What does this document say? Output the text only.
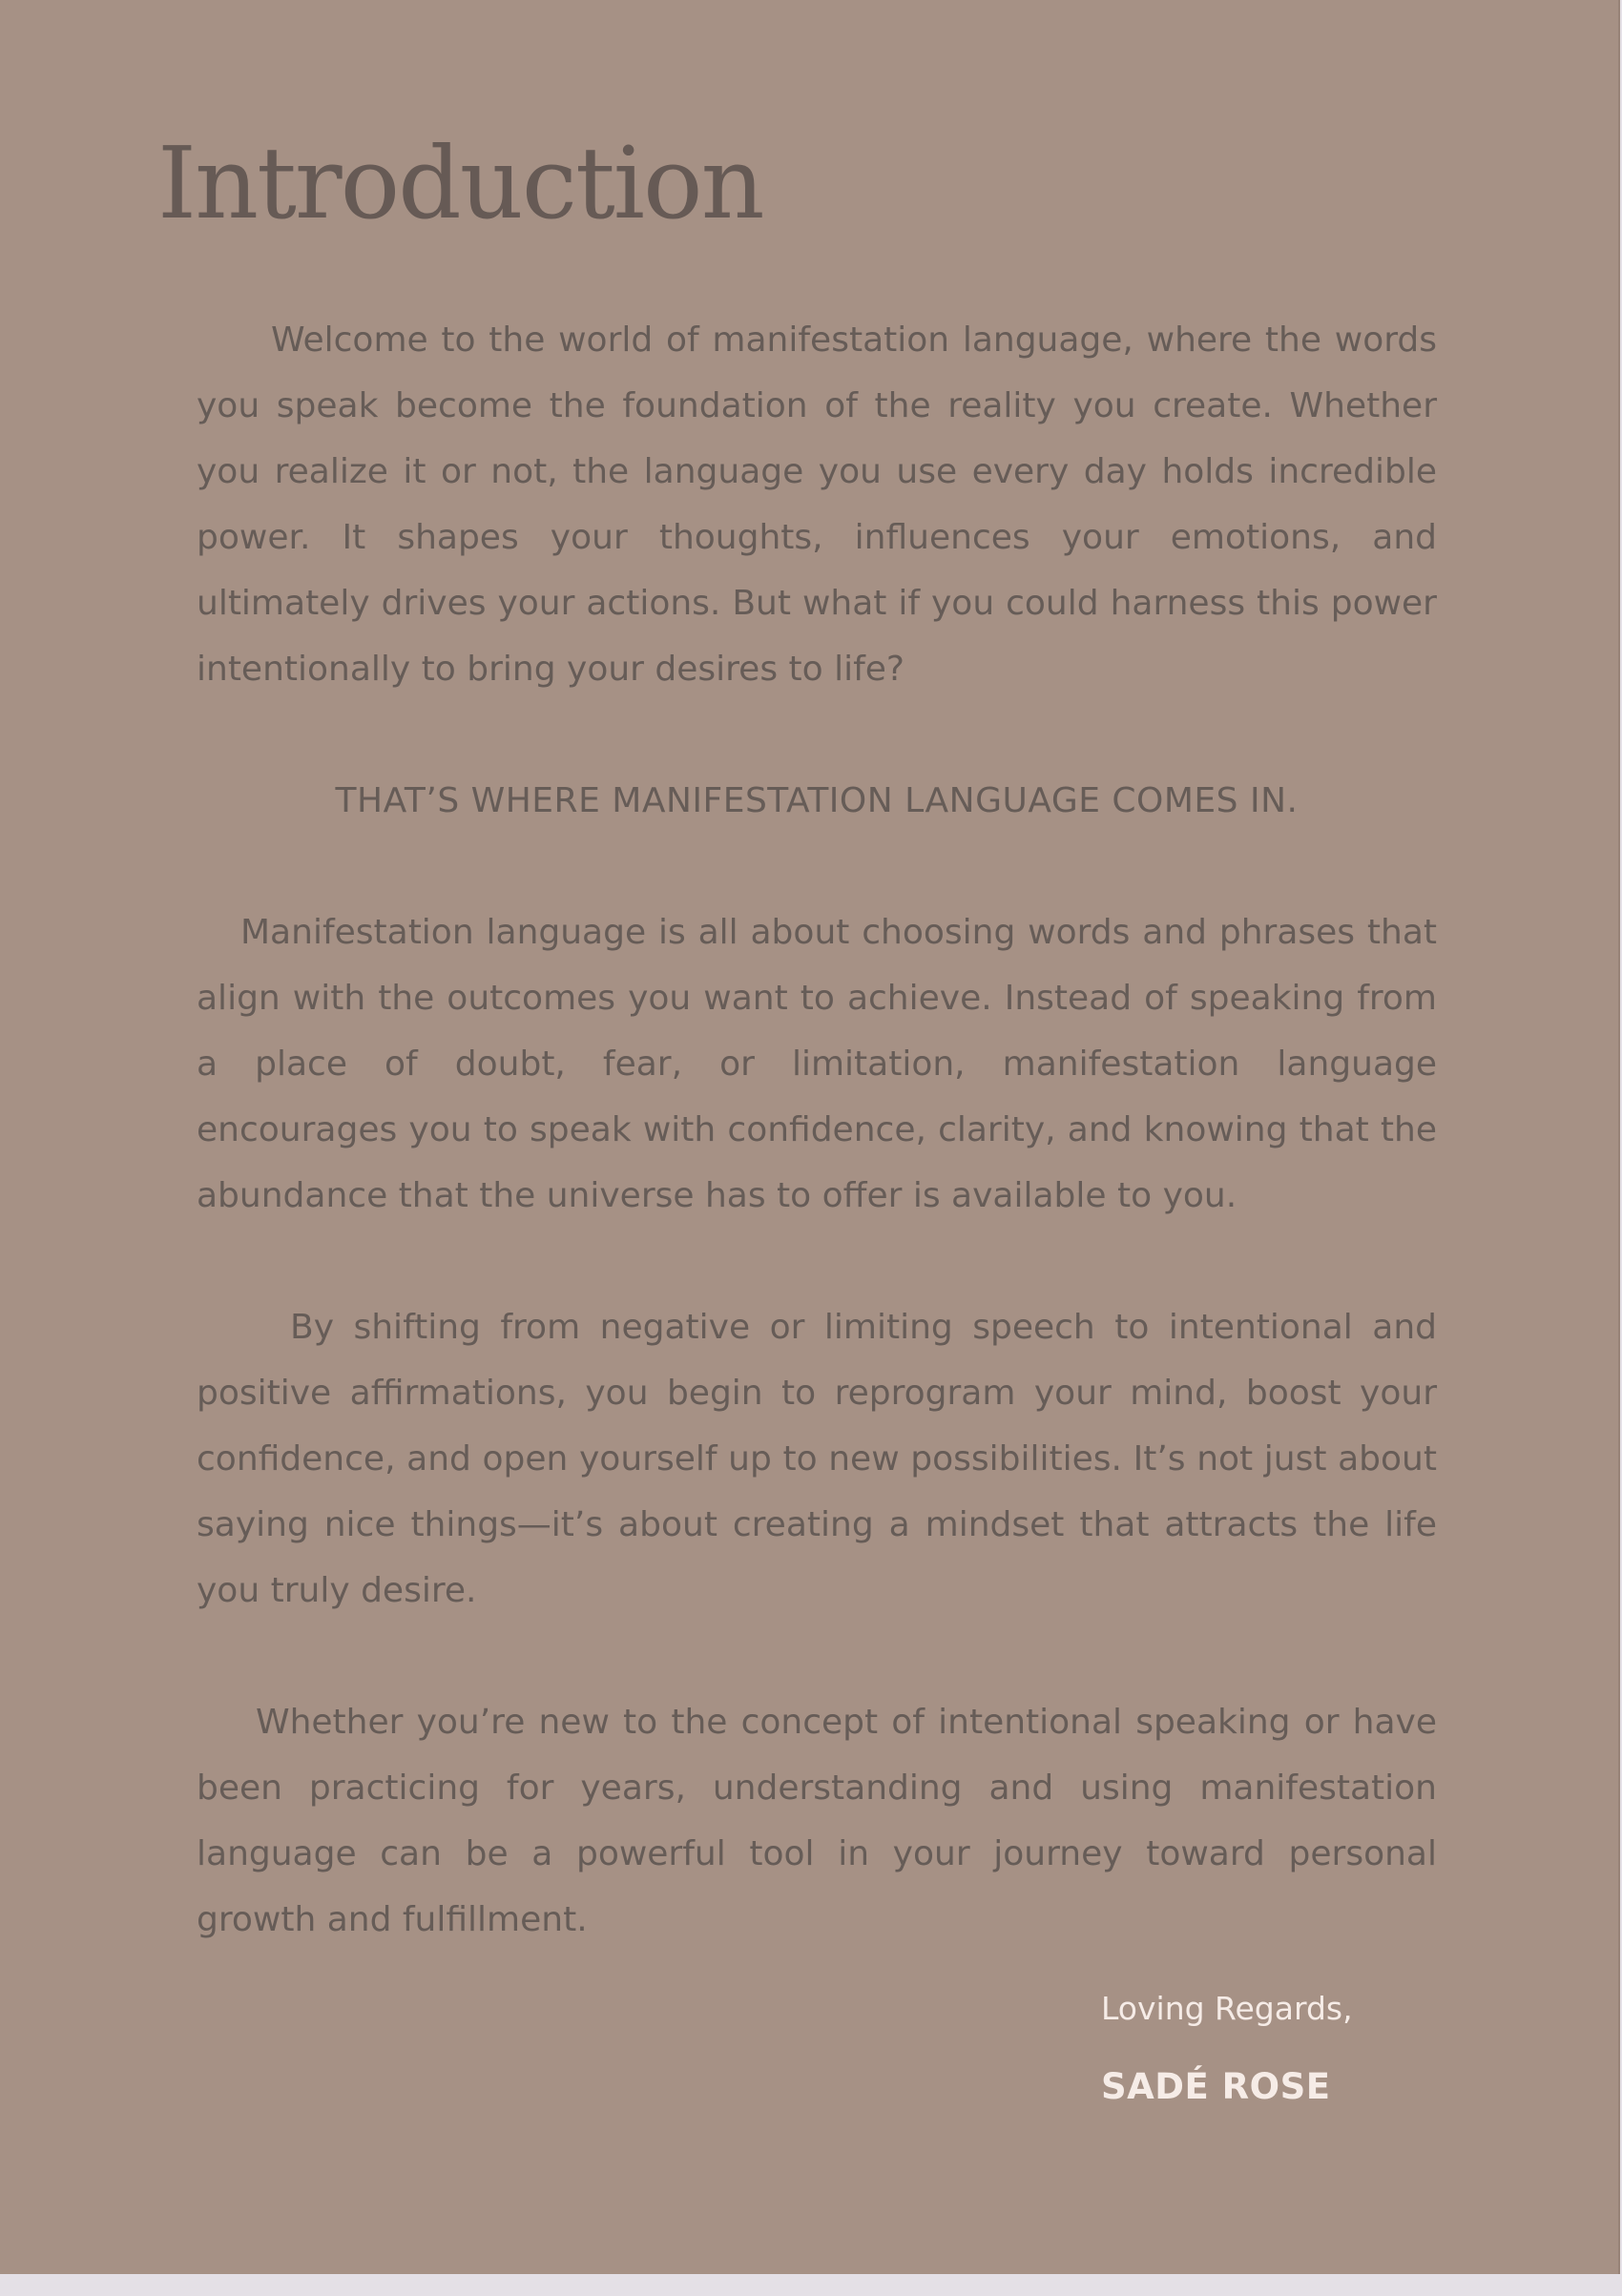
Introduction

Welcome to the world of manifestation language, where the words you speak become the foundation of the reality you create. Whether you realize it or not, the language you use every day holds incredible power. It shapes your thoughts, influences your emotions, and ultimately drives your actions. But what if you could harness this power intentionally to bring your desires to life?

THAT’S WHERE MANIFESTATION LANGUAGE COMES IN.

Manifestation language is all about choosing words and phrases that align with the outcomes you want to achieve. Instead of speaking from a place of doubt, fear, or limitation, manifestation language encourages you to speak with confidence, clarity, and knowing that the abundance that the universe has to offer is available to you.

By shifting from negative or limiting speech to intentional and positive affirmations, you begin to reprogram your mind, boost your confidence, and open yourself up to new possibilities. It’s not just about saying nice things—it’s about creating a mindset that attracts the life you truly desire.

Whether you’re new to the concept of intentional speaking or have been practicing for years, understanding and using manifestation language can be a powerful tool in your journey toward personal growth and fulfillment.

Loving Regards,

SADÉ ROSE
